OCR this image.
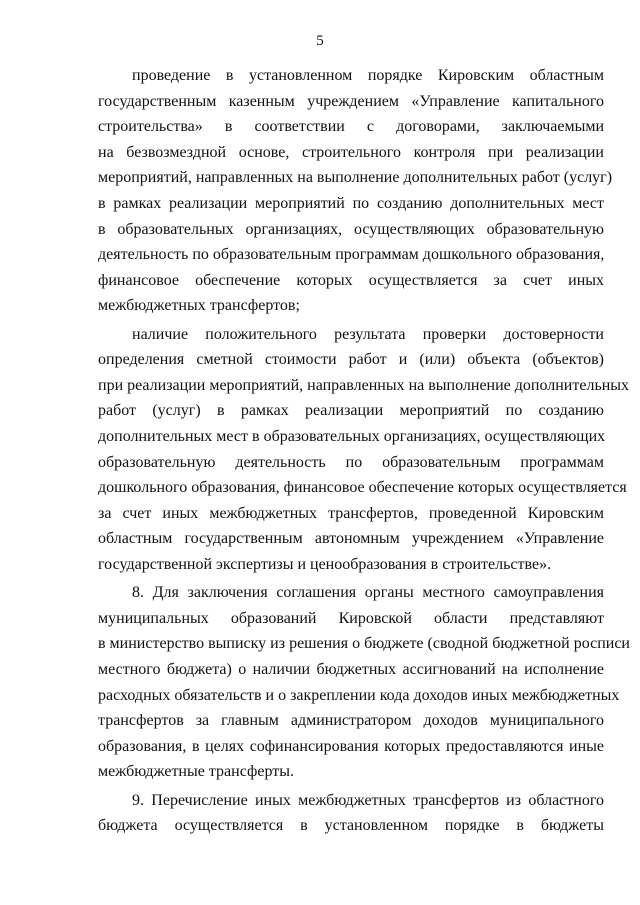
5
проведение в установленном порядке Кировским областным
государственным казенным учреждением «Управление капитального
строительства» в соответствии с договорами, заключаемыми
на безвозмездной основе, строительного контроля при реализации
мероприятий, направленных на выполнение дополнительных работ (услуг)
в рамках реализации мероприятий по созданию дополнительных мест
в образовательных организациях, осуществляющих образовательную
деятельность по образовательным программам дошкольного образования,
финансовое обеспечение которых осуществляется за счет иных
межбюджетных трансфертов;
наличие положительного результата проверки достоверности
определения сметной стоимости работ и (или) объекта (объектов)
при реализации мероприятий, направленных на выполнение дополнительных
работ (услуг) в рамках реализации мероприятий по созданию
дополнительных мест в образовательных организациях, осуществляющих
образовательную деятельность по образовательным программам
дошкольного образования, финансовое обеспечение которых осуществляется
за счет иных межбюджетных трансфертов, проведенной Кировским
областным государственным автономным учреждением «Управление
государственной экспертизы и ценообразования в строительстве».
8. Для заключения соглашения органы местного самоуправления
муниципальных образований Кировской области представляют
в министерство выписку из решения о бюджете (сводной бюджетной росписи
местного бюджета) о наличии бюджетных ассигнований на исполнение
расходных обязательств и о закреплении кода доходов иных межбюджетных
трансфертов за главным администратором доходов муниципального
образования, в целях софинансирования которых предоставляются иные
межбюджетные трансферты.
9. Перечисление иных межбюджетных трансфертов из областного
бюджета осуществляется в установленном порядке в бюджеты
